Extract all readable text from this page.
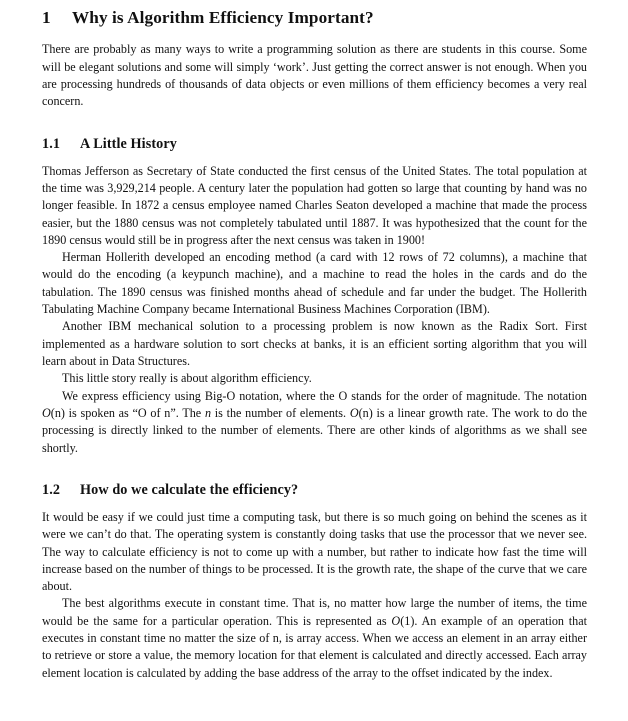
1 Why is Algorithm Efficiency Important?

There are probably as many ways to write a programming solution as there are students in this course. Some will be elegant solutions and some will simply ‘work’. Just getting the correct answer is not enough. When you are processing hundreds of thousands of data objects or even millions of them efficiency becomes a very real concern.

1.1 A Little History

Thomas Jefferson as Secretary of State conducted the first census of the United States. The total population at the time was 3,929,214 people. A century later the population had gotten so large that counting by hand was no longer feasible. In 1872 a census employee named Charles Seaton developed a machine that made the process easier, but the 1880 census was not completely tabulated until 1887. It was hypothesized that the count for the 1890 census would still be in progress after the next census was taken in 1900!

Herman Hollerith developed an encoding method (a card with 12 rows of 72 columns), a machine that would do the encoding (a keypunch machine), and a machine to read the holes in the cards and do the tabulation. The 1890 census was finished months ahead of schedule and far under the budget. The Hollerith Tabulating Machine Company became International Business Machines Corporation (IBM).

Another IBM mechanical solution to a processing problem is now known as the Radix Sort. First implemented as a hardware solution to sort checks at banks, it is an efficient sorting algorithm that you will learn about in Data Structures.

This little story really is about algorithm efficiency.

We express efficiency using Big-O notation, where the O stands for the order of magnitude. The notation O(n) is spoken as “O of n”. The n is the number of elements. O(n) is a linear growth rate. The work to do the processing is directly linked to the number of elements. There are other kinds of algorithms as we shall see shortly.

1.2 How do we calculate the efficiency?

It would be easy if we could just time a computing task, but there is so much going on behind the scenes as it were we can’t do that. The operating system is constantly doing tasks that use the processor that we never see. The way to calculate efficiency is not to come up with a number, but rather to indicate how fast the time will increase based on the number of things to be processed. It is the growth rate, the shape of the curve that we care about.

The best algorithms execute in constant time. That is, no matter how large the number of items, the time would be the same for a particular operation. This is represented as O(1). An example of an operation that executes in constant time no matter the size of n, is array access. When we access an element in an array either to retrieve or store a value, the memory location for that element is calculated and directly accessed. Each array element location is calculated by adding the base address of the array to the offset indicated by the index.
